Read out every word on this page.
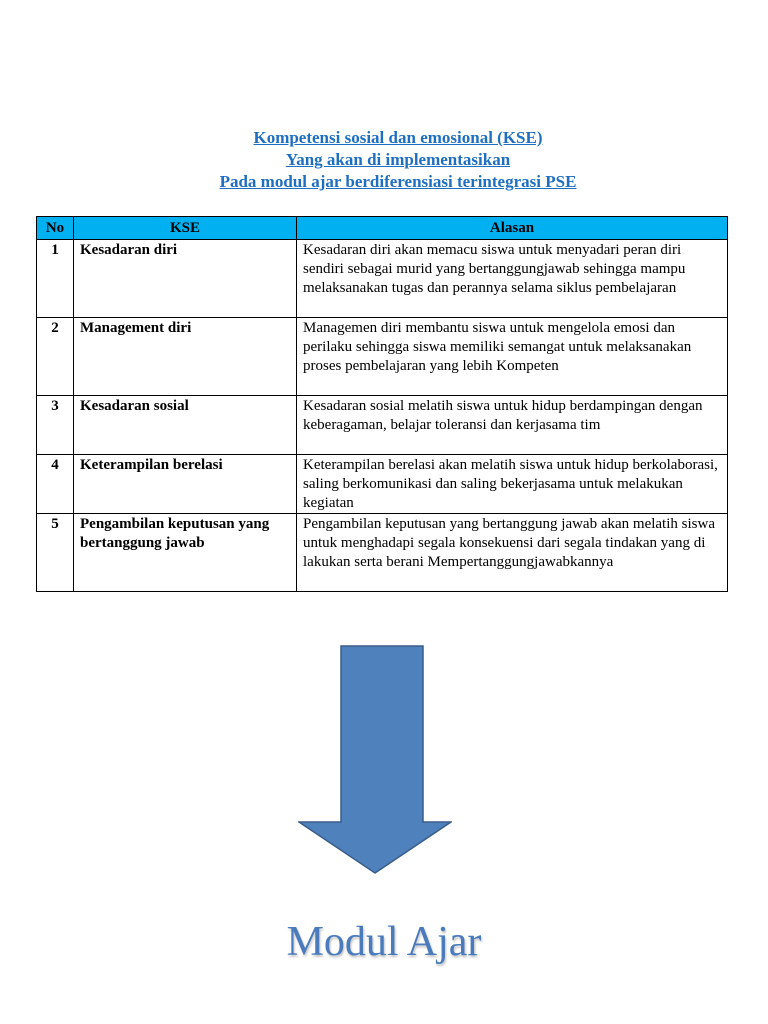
Kompetensi sosial dan emosional (KSE)
Yang akan di implementasikan
Pada modul ajar berdiferensiasi terintegrasi PSE
No	KSE	Alasan
1	Kesadaran diri	Kesadaran diri akan memacu siswa untuk menyadari peran diri sendiri sebagai murid yang bertanggungjawab sehingga mampu melaksanakan tugas dan perannya selama siklus pembelajaran
2	Management diri	Managemen diri membantu siswa untuk mengelola emosi dan perilaku sehingga siswa memiliki semangat untuk melaksanakan proses pembelajaran yang lebih Kompeten
3	Kesadaran sosial	Kesadaran sosial melatih siswa untuk hidup berdampingan dengan keberagaman, belajar toleransi dan kerjasama tim
4	Keterampilan berelasi	Keterampilan berelasi akan melatih siswa untuk hidup berkolaborasi, saling berkomunikasi dan saling bekerjasama untuk melakukan kegiatan
5	Pengambilan keputusan yang bertanggung jawab	Pengambilan keputusan yang bertanggung jawab akan melatih siswa untuk menghadapi segala konsekuensi dari segala tindakan yang di lakukan serta berani Mempertanggungjawabkannya
Modul Ajar
